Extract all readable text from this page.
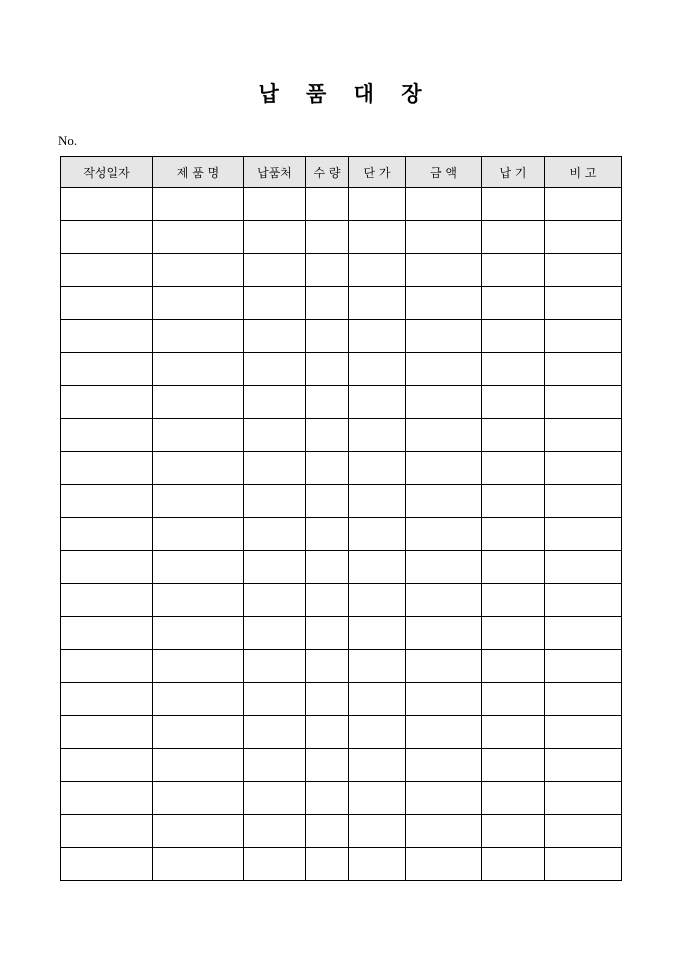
납 품 대 장
No.
작성일자	제 품 명	납품처	수 량	단 가	금 액	납 기	비 고
